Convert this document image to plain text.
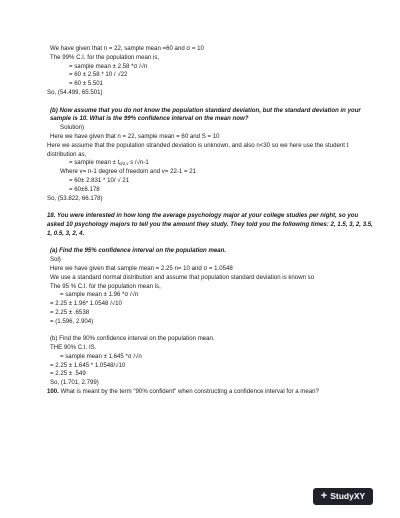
We have given that n = 22, sample mean =60 and σ = 10
The 99% C.I. for the population mean is,
= sample mean ± 2.58 *σ /√n
= 60 ± 2.58 * 10 / √22
= 60 ± 5.501
So, (54.499, 65.501)
(b) Now assume that you do not know the population standard deviation, but the standard deviation in your sample is 10. What is the 99% confidence interval on the mean now?
Solution)
Here we have given that n = 22, sample mean = 60 and S = 10
Here we assume that the population stranded deviation is unknown, and also n<30 so we here use the student t distribution as,
= sample mean ± $t_{\alpha/2,v}$ s /√n-1
Where v= n-1 degree of freedom and v= 22-1 = 21
= 60± 2.831 * 10/ √ 21
= 60±6.178
So, (53.822, 66.178)
18. You were interested in how long the average psychology major at your college studies per night, so you asked 10 psychology majors to tell you the amount they study. They told you the following times: 2, 1.5, 3, 2, 3.5, 1, 0.5, 3, 2, 4.
(a) Find the 95% confidence interval on the population mean.
Sol)
Here we have given that sample mean = 2.25 n= 10 and σ = 1.0548
We use a standard normal distribution and assume that population standard deviation is known so
The 95 % C.I. for the population mean is,
= sample mean ± 1.96 *σ /√n
= 2.25 ± 1.96* 1.0548 /√10
= 2.25 ± .6538
= (1.596, 2.904)
(b) Find the 90% confidence interval on the population mean.
THE 90% C.I. IS.
= sample mean ± 1.645 *σ /√n
= 2.25 ± 1.645 * 1.0548/√10
= 2.25 ± .549
So, (1.701, 2.799)
100. What is meant by the term "90% confident" when constructing a confidence interval for a mean?
+ StudyXY
